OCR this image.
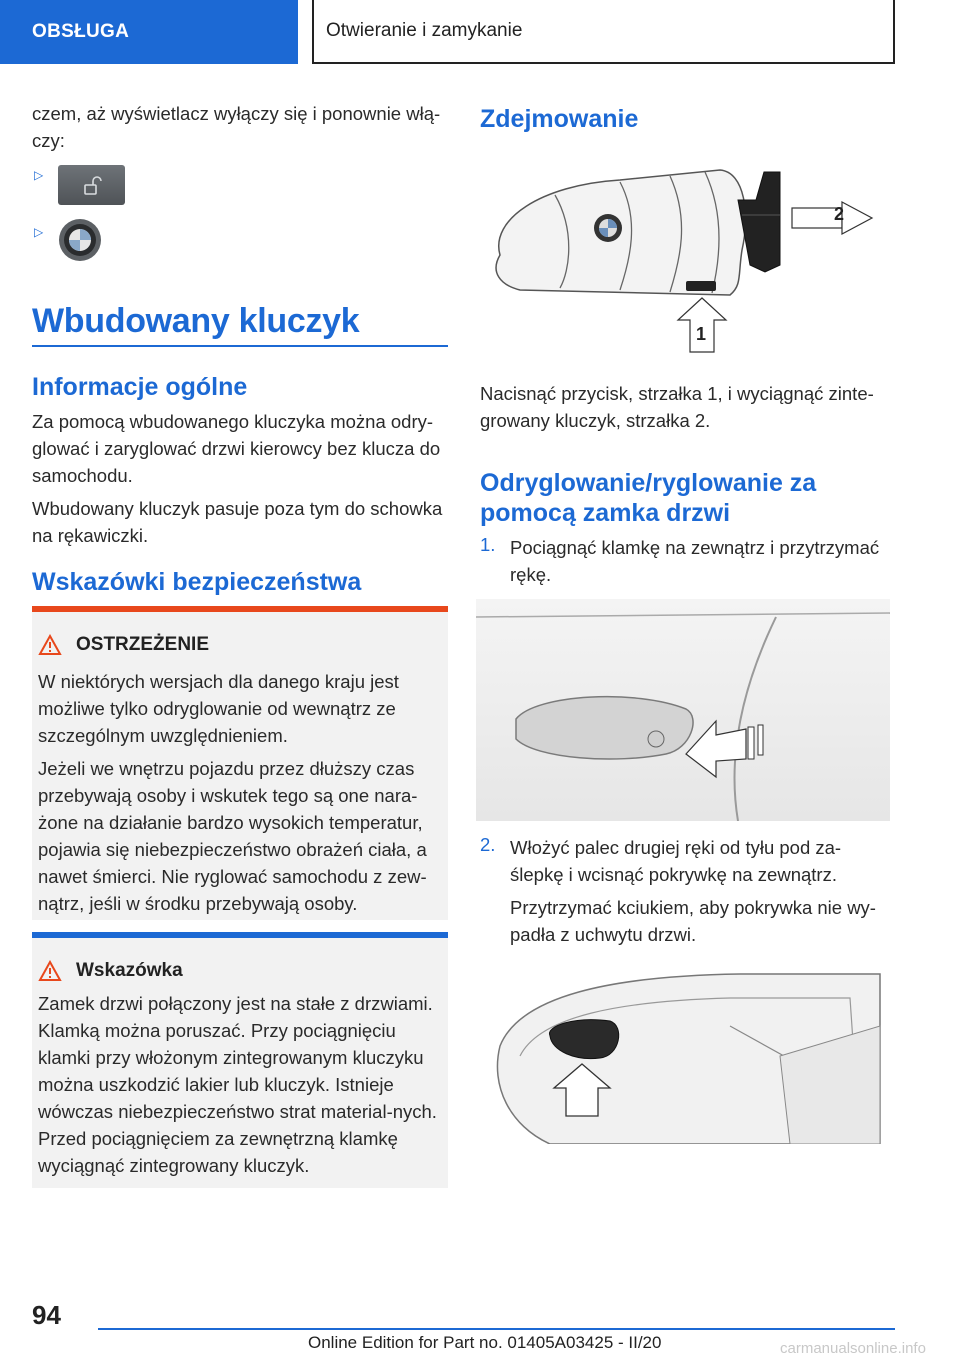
OBSŁUGA	Otwieranie i zamykanie
czem, aż wyświetlacz wyłączy się i ponownie włą‐czy:
▷
▷
Wbudowany kluczyk
Informacje ogólne

Za pomocą wbudowanego kluczyka można odry‐glować i zaryglować drzwi kierowcy bez klucza do samochodu.

Wbudowany kluczyk pasuje poza tym do schowka na rękawiczki.

Wskazówki bezpieczeństwa
OSTRZEŻENIE

W niektórych wersjach dla danego kraju jest możliwe tylko odryglowanie od wewnątrz ze szczególnym uwzględnieniem.

Jeżeli we wnętrzu pojazdu przez dłuższy czas przebywają osoby i wskutek tego są one nara‐żone na działanie bardzo wysokich temperatur, pojawia się niebezpieczeństwo obrażeń ciała, a nawet śmierci. Nie ryglować samochodu z zew‐nątrz, jeśli w środku przebywają osoby.

Wskazówka

Zamek drzwi połączony jest na stałe z drzwiami. Klamką można poruszać. Przy pociągnięciu klamki przy włożonym zintegrowanym kluczyku można uszkodzić lakier lub kluczyk. Istnieje wówczas niebezpieczeństwo strat material‐nych. Przed pociągnięciem za zewnętrzną klamkę wyciągnąć zintegrowany kluczyk.

Zdejmowanie
2
1
Nacisnąć przycisk, strzałka 1, i wyciągnąć zinte‐growany kluczyk, strzałka 2.
Odryglowanie/ryglowanie za pomocą zamka drzwi
1. Pociągnąć klamkę na zewnątrz i przytrzymać rękę.
2. Włożyć palec drugiej ręki od tyłu pod za‐ślepkę i wcisnąć pokrywkę na zewnątrz.

Przytrzymać kciukiem, aby pokrywka nie wy‐padła z uchwytu drzwi.

94
Online Edition for Part no. 01405A03425 - II/20	carmanualsonline.info
